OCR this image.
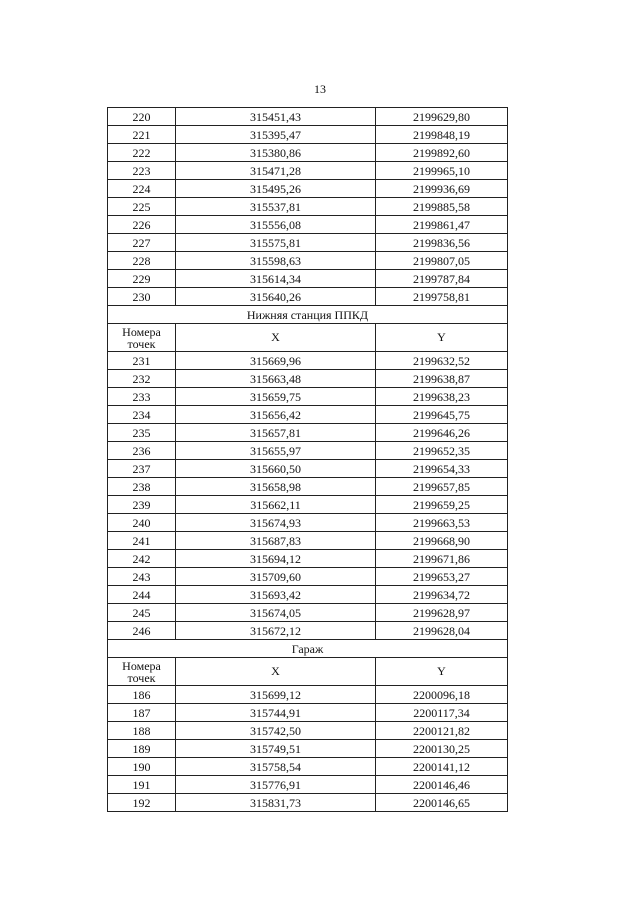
13
220	315451,43	2199629,80
221	315395,47	2199848,19
222	315380,86	2199892,60
223	315471,28	2199965,10
224	315495,26	2199936,69
225	315537,81	2199885,58
226	315556,08	2199861,47
227	315575,81	2199836,56
228	315598,63	2199807,05
229	315614,34	2199787,84
230	315640,26	2199758,81
Нижняя станция ППКД		
Номера точек	X	Y
231	315669,96	2199632,52
232	315663,48	2199638,87
233	315659,75	2199638,23
234	315656,42	2199645,75
235	315657,81	2199646,26
236	315655,97	2199652,35
237	315660,50	2199654,33
238	315658,98	2199657,85
239	315662,11	2199659,25
240	315674,93	2199663,53
241	315687,83	2199668,90
242	315694,12	2199671,86
243	315709,60	2199653,27
244	315693,42	2199634,72
245	315674,05	2199628,97
246	315672,12	2199628,04
Гараж		
Номера точек	X	Y
186	315699,12	2200096,18
187	315744,91	2200117,34
188	315742,50	2200121,82
189	315749,51	2200130,25
190	315758,54	2200141,12
191	315776,91	2200146,46
192	315831,73	2200146,65
